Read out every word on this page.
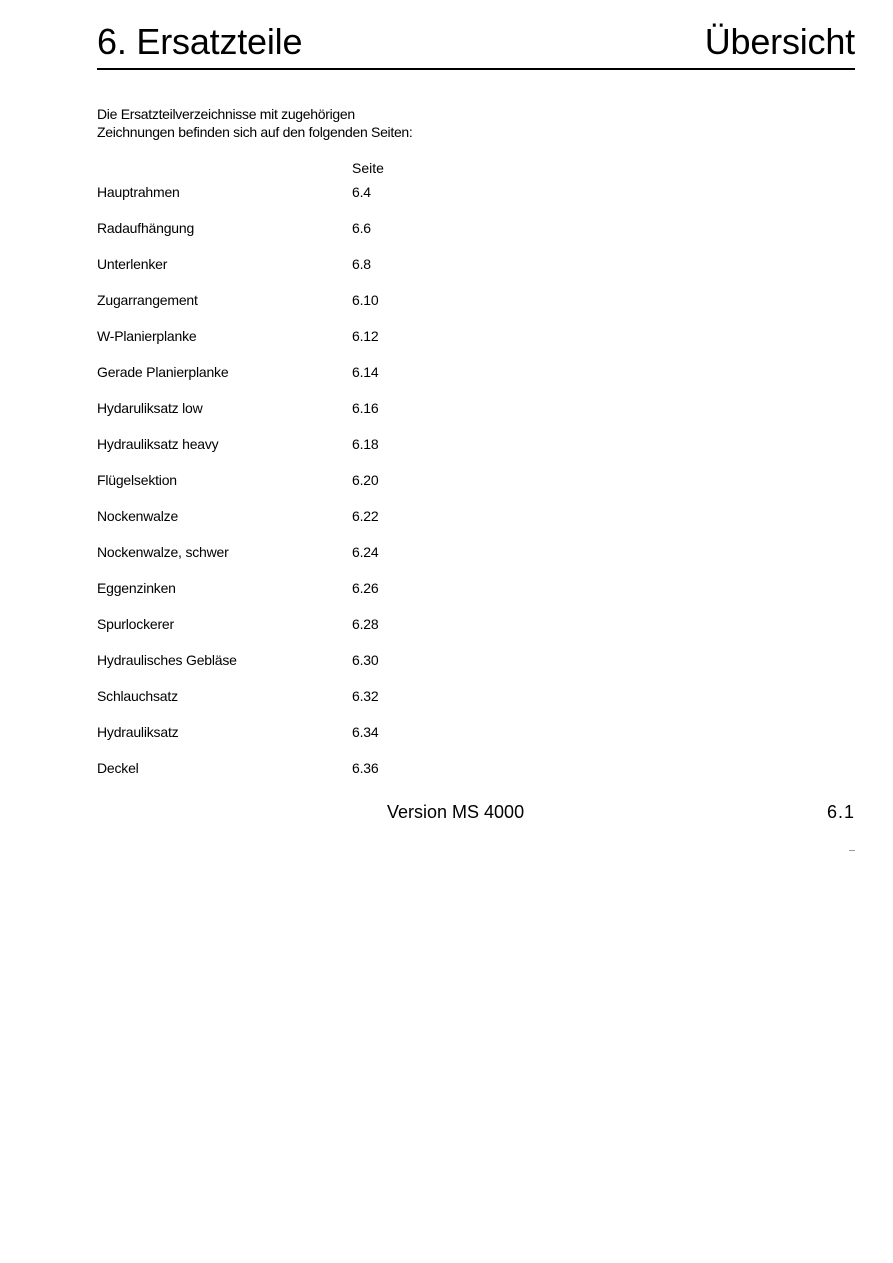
6. Ersatzteile	Übersicht
Die Ersatzteilverzeichnisse mit zugehörigen
Zeichnungen befinden sich auf den folgenden Seiten:
Seite
Hauptrahmen	6.4
Radaufhängung	6.6
Unterlenker	6.8
Zugarrangement	6.10
W-Planierplanke	6.12
Gerade Planierplanke	6.14
Hydaruliksatz low	6.16
Hydrauliksatz heavy	6.18
Flügelsektion	6.20
Nockenwalze	6.22
Nockenwalze, schwer	6.24
Eggenzinken	6.26
Spurlockerer	6.28
Hydraulisches Gebläse	6.30
Schlauchsatz	6.32
Hydrauliksatz	6.34
Deckel	6.36
Version MS 4000	6.1
